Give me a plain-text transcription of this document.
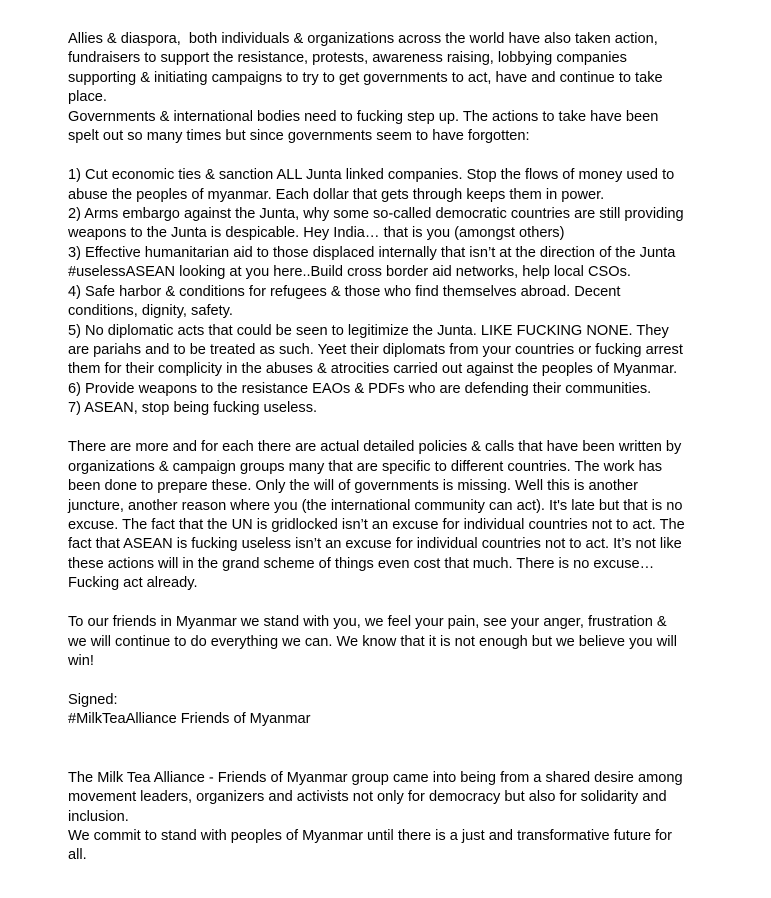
Allies & diaspora,  both individuals & organizations across the world have also taken action,
fundraisers to support the resistance, protests, awareness raising, lobbying companies
supporting & initiating campaigns to try to get governments to act, have and continue to take
place.
Governments & international bodies need to fucking step up. The actions to take have been
spelt out so many times but since governments seem to have forgotten:
1) Cut economic ties & sanction ALL Junta linked companies. Stop the flows of money used to
abuse the peoples of myanmar. Each dollar that gets through keeps them in power.
2) Arms embargo against the Junta, why some so-called democratic countries are still providing
weapons to the Junta is despicable. Hey India… that is you (amongst others)
3) Effective humanitarian aid to those displaced internally that isn’t at the direction of the Junta
#uselessASEAN looking at you here..Build cross border aid networks, help local CSOs.
4) Safe harbor & conditions for refugees & those who find themselves abroad. Decent
conditions, dignity, safety.
5) No diplomatic acts that could be seen to legitimize the Junta. LIKE FUCKING NONE. They
are pariahs and to be treated as such. Yeet their diplomats from your countries or fucking arrest
them for their complicity in the abuses & atrocities carried out against the peoples of Myanmar.
6) Provide weapons to the resistance EAOs & PDFs who are defending their communities.
7) ASEAN, stop being fucking useless.
There are more and for each there are actual detailed policies & calls that have been written by
organizations & campaign groups many that are specific to different countries. The work has
been done to prepare these. Only the will of governments is missing. Well this is another
juncture, another reason where you (the international community can act). It's late but that is no
excuse. The fact that the UN is gridlocked isn’t an excuse for individual countries not to act. The
fact that ASEAN is fucking useless isn’t an excuse for individual countries not to act. It’s not like
these actions will in the grand scheme of things even cost that much. There is no excuse…
Fucking act already.
To our friends in Myanmar we stand with you, we feel your pain, see your anger, frustration &
we will continue to do everything we can. We know that it is not enough but we believe you will
win!
Signed:
#MilkTeaAlliance Friends of Myanmar
The Milk Tea Alliance - Friends of Myanmar group came into being from a shared desire among
movement leaders, organizers and activists not only for democracy but also for solidarity and
inclusion.
We commit to stand with peoples of Myanmar until there is a just and transformative future for
all.
